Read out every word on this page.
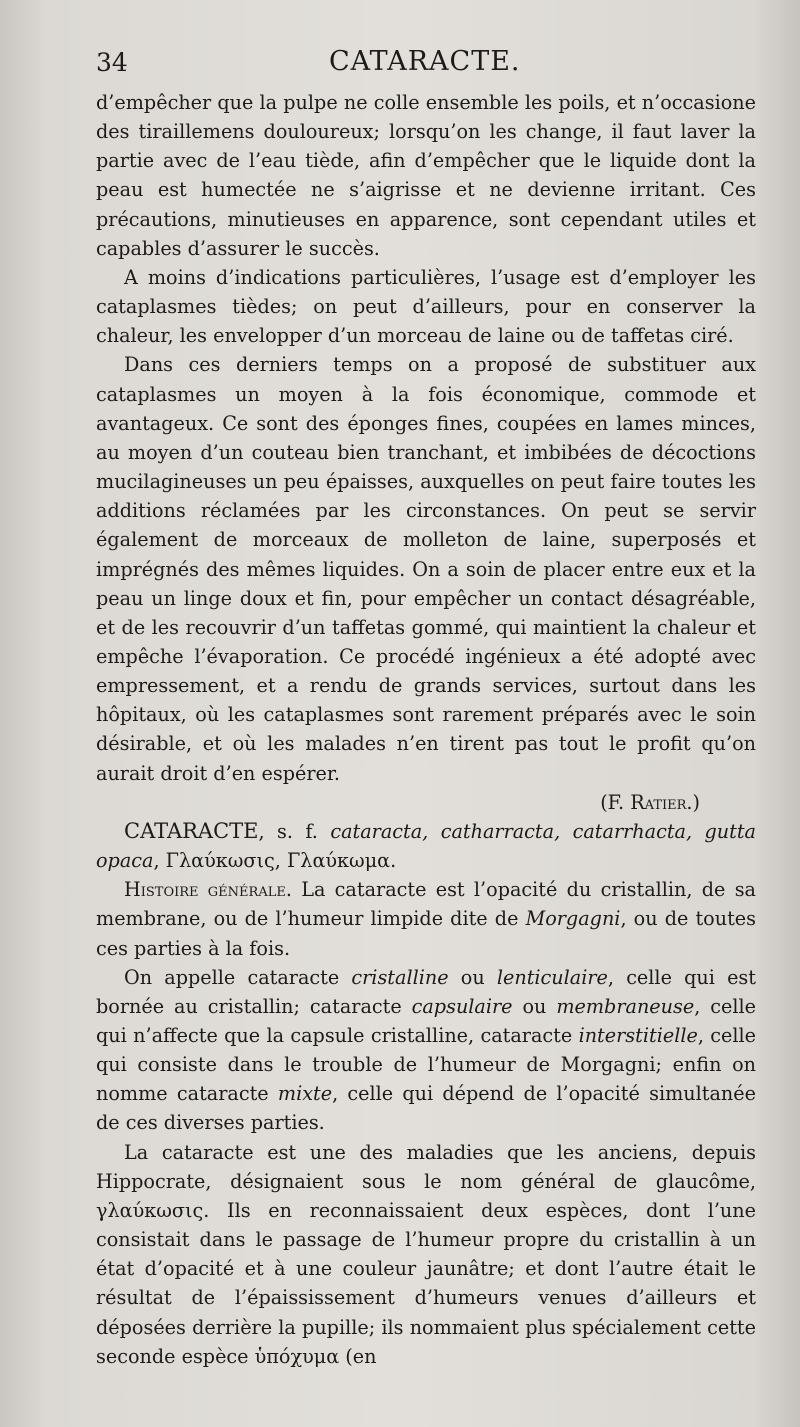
34	CATARACTE.

d’empêcher que la pulpe ne colle ensemble les poils, et n’occasione des tiraillemens douloureux; lorsqu’on les change, il faut laver la partie avec de l’eau tiède, afin d’empêcher que le liquide dont la peau est humectée ne s’aigrisse et ne devienne irritant. Ces précautions, minutieuses en apparence, sont cependant utiles et capables d’assurer le succès.

A moins d’indications particulières, l’usage est d’employer les cataplasmes tièdes; on peut d’ailleurs, pour en conserver la chaleur, les envelopper d’un morceau de laine ou de taffetas ciré.

Dans ces derniers temps on a proposé de substituer aux cataplasmes un moyen à la fois économique, commode et avantageux. Ce sont des éponges fines, coupées en lames minces, au moyen d’un couteau bien tranchant, et imbibées de décoctions mucilagineuses un peu épaisses, auxquelles on peut faire toutes les additions réclamées par les circonstances. On peut se servir également de morceaux de molleton de laine, superposés et imprégnés des mêmes liquides. On a soin de placer entre eux et la peau un linge doux et fin, pour empêcher un contact désagréable, et de les recouvrir d’un taffetas gommé, qui maintient la chaleur et empêche l’évaporation. Ce procédé ingénieux a été adopté avec empressement, et a rendu de grands services, surtout dans les hôpitaux, où les cataplasmes sont rarement préparés avec le soin désirable, et où les malades n’en tirent pas tout le profit qu’on aurait droit d’en espérer.

(F. Ratier.)

CATARACTE, s. f. cataracta, catharracta, catarrhacta, gutta opaca, Γλαύκωσις, Γλαύκωμα.

Histoire générale. La cataracte est l’opacité du cristallin, de sa membrane, ou de l’humeur limpide dite de Morgagni, ou de toutes ces parties à la fois.

On appelle cataracte cristalline ou lenticulaire, celle qui est bornée au cristallin; cataracte capsulaire ou membraneuse, celle qui n’affecte que la capsule cristalline, cataracte interstitielle, celle qui consiste dans le trouble de l’humeur de Morgagni; enfin on nomme cataracte mixte, celle qui dépend de l’opacité simultanée de ces diverses parties.

La cataracte est une des maladies que les anciens, depuis Hippocrate, désignaient sous le nom général de glaucôme, γλαύκωσις. Ils en reconnaissaient deux espèces, dont l’une consistait dans le passage de l’humeur propre du cristallin à un état d’opacité et à une couleur jaunâtre; et dont l’autre était le résultat de l’épaississement d’humeurs venues d’ailleurs et déposées derrière la pupille; ils nommaient plus spécialement cette seconde espèce ὑπόχυμα (en
